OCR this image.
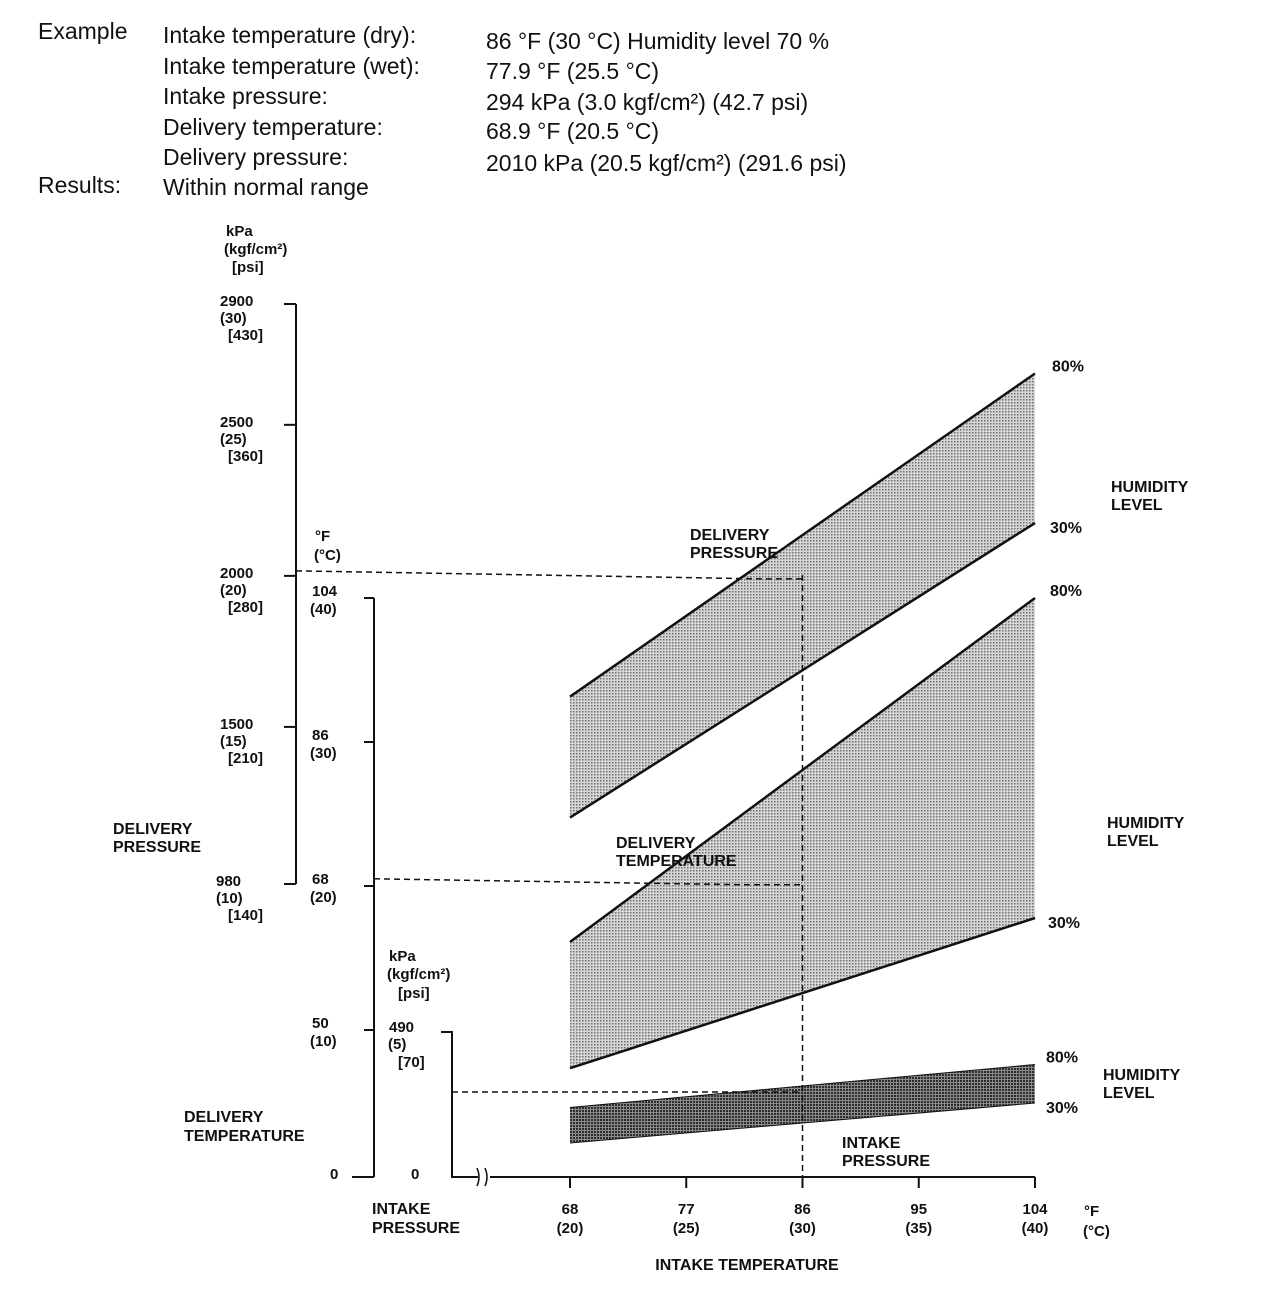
Example Intake temperature (dry):	86 °F (30 °C) Humidity level 70 %
Intake temperature (wet):	77.9 °F (25.5 °C)
Intake pressure:	294 kPa (3.0 kgf/cm²) (42.7 psi)
Delivery temperature:	68.9 °F (20.5 °C)
Delivery pressure:	2010 kPa (20.5 kgf/cm²) (291.6 psi)
Results: Within normal range
kPa
(kgf/cm²)
[psi]
2900
(30)
[430]
2500
(25)
[360]
2000
(20)
[280]
1500
(15)
[210]
980
(10)
[140]
DELIVERY
PRESSURE
°F
(°C)
104
(40)
86
(30)
68
(20)
50
(10)
0
DELIVERY
TEMPERATURE
kPa
(kgf/cm²)
[psi]
490
(5)
[70]
0
INTAKE
PRESSURE
68
(20)
77
(25)
86
(30)
95
(35)
104
(40)
°F
(°C)
INTAKE TEMPERATURE
80%
30%
HUMIDITY
LEVEL
DELIVERY
PRESSURE
80%
30%
HUMIDITY
LEVEL
DELIVERY
TEMPERATURE
80%
30%
HUMIDITY
LEVEL
INTAKE
PRESSURE
